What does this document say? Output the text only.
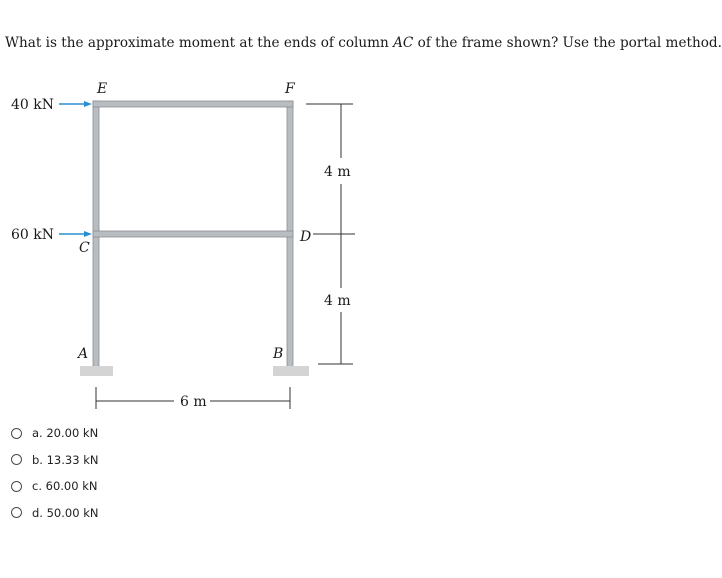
What is the approximate moment at the ends of column AC of the frame shown? Use the portal method.
40 kN
60 kN
E	F
C
D
A	B
4 m
4 m
6 m
a. 20.00 kN
b. 13.33 kN
c. 60.00 kN
d. 50.00 kN
